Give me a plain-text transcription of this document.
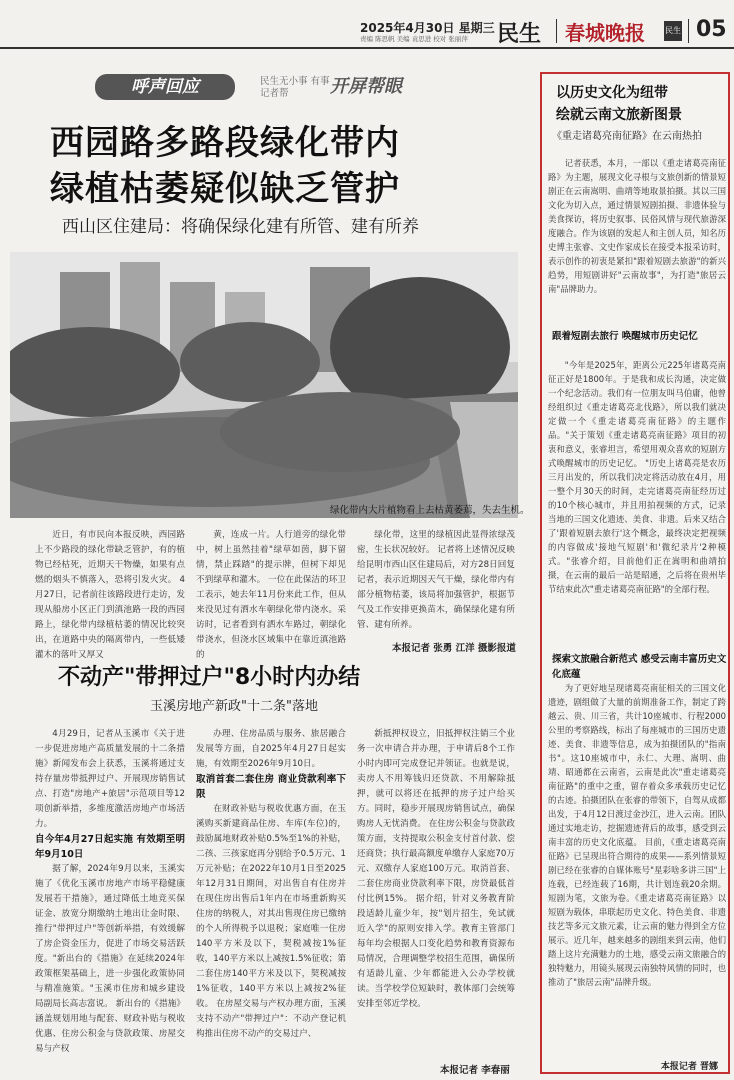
2025年4月30日 星期三
责编 陈思帆 美编 袁思进 校对 张丽萍 民生 春城晚报	民生 05
呼声回应	民生无小事 有事记者帮	开屏帮眼
西园路多路段绿化带内
绿植枯萎疑似缺乏管护
西山区住建局：将确保绿化建有所管、建有所养
绿化带内大片植物看上去枯黄萎蔫，失去生机。

近日，有市民向本报反映，西园路上不少路段的绿化带缺乏管护，有的植物已经枯死，近期天干物燥，如果有点燃的烟头不慎落入，恐将引发火灾。 4月27日，记者前往该路段进行走访，发现从船房小区正门到滇池路一段的西园路上，绿化带内绿植枯萎的情况比较突出，在道路中央的隔离带内，一些低矮灌木的落叶又厚又

黄，连成一片。人行道旁的绿化带中，树上虽然挂着"绿草如茵，脚下留情，禁止踩踏"的提示牌，但树下却见不到绿草和灌木。 一位在此保洁的环卫工表示，她去年11月份来此工作，但从来没见过有洒水车朝绿化带内浇水。采访时，记者看到有洒水车路过，朝绿化带浇水，但浇水区域集中在靠近滇池路的

绿化带，这里的绿植因此显得浓绿茂密，生长状况较好。 记者将上述情况反映给昆明市西山区住建局后，对方28日回复记者，表示近期因天气干燥，绿化带内有部分植物枯萎，该局将加强管护，根据节气及工作安排更换苗木，确保绿化建有所管、建有所养。

本报记者 张勇 江洋 摄影报道
不动产"带押过户"8小时内办结
玉溪房地产新政"十二条"落地

4月29日，记者从玉溪市《关于进一步促进房地产高质量发展的十二条措施》新闻发布会上获悉，玉溪将通过支持存量房带抵押过户、开展现房销售试点、打造"房地产+旅居"示范项目等12项创新举措，多维度激活房地产市场活力。

自今年4月27日起实施 有效期至明年9月10日

据了解，2024年9月以来，玉溪实施了《优化玉溪市房地产市场平稳健康发展若干措施》，通过降低土地竞买保证金、放宽分期缴纳土地出让金时限、推行"带押过户"等创新举措，有效缓解了房企资金压力，促进了市场交易活跃度。"新出台的《措施》在延续2024年政策框架基础上，进一步强化政策协同与精准施策。"玉溪市住房和城乡建设局副局长高志富说。 新出台的《措施》涵盖规划用地与配套、财政补贴与税收优惠、住房公积金与贷款政策、房屋交易与产权

办理、住房品质与服务、旅居融合发展等方面，自2025年4月27日起实施，有效期至2026年9月10日。

取消首套二套住房 商业贷款利率下限

在财政补贴与税收优惠方面，在玉溪购买新建商品住房、车库(车位)的，鼓励属地财政补贴0.5%至1%的补贴，二孩、三孩家庭再分别给予0.5万元、1万元补贴；在2022年10月1日至2025年12月31日期间，对出售自有住房并在现住房出售后1年内在市场重新购买住房的纳税人，对其出售现住房已缴纳的个人所得税予以退税；家庭唯一住房140平方米及以下，契税减按1%征收，140平方米以上减按1.5%征收；第二套住房140平方米及以下，契税减按1%征收，140平方米以上减按2%征收。 在房屋交易与产权办理方面，玉溪支持不动产"带押过户"：不动产登记机构推出住房不动产的交易过户、

新抵押权设立，旧抵押权注销三个业务一次申请合并办理，于申请后8个工作小时内即可完成登记并领证。也就是说，卖房人不用筹钱归还贷款、不用解除抵押，就可以将还在抵押的房子过户给买方。同时，稳步开展现房销售试点，确保购房人无忧消费。 在住房公积金与贷款政策方面，支持提取公积金支付首付款、偿还商贷；执行最高额度单缴存人家庭70万元、双缴存人家庭100万元。取消首套、二套住房商业贷款利率下限，房贷最低首付比例15%。 据介绍，针对义务教育阶段适龄儿童少年，按"划片招生，免试就近入学"的原则安排入学。教育主管部门每年均会根据人口变化趋势和教育资源布局情况，合理调整学校招生范围，确保所有适龄儿童、少年都能进入公办学校就读。当学校学位短缺时，教体部门会统筹安排至邻近学校。

本报记者 李春丽
以历史文化为纽带
绘就云南文旅新图景
《重走诸葛亮南征路》在云南热拍

记者获悉，本月，一部以《重走诸葛亮南征路》为主题，展现文化寻根与文旅创新的情景短剧正在云南嵩明、曲靖等地取景拍摄。其以三国文化为切入点，通过情景短剧拍摄、非遗体验与美食探访，将历史叙事、民俗风情与现代旅游深度融合。作为该剧的发起人和主创人员，知名历史博主张睿、文史作家成长在接受本报采访时，表示创作的初衷是紧扣"跟着短剧去旅游"的新兴趋势，用短剧讲好"云南故事"，为打造"旅居云南"品牌助力。

跟着短剧去旅行 唤醒城市历史记忆

"今年是2025年，距离公元225年诸葛亮南征正好是1800年。于是我和成长沟通，决定做一个纪念活动。我们有一位朋友叫马伯庸，他曾经组织过《重走诸葛亮北伐路》，所以我们就决定做一个《重走诸葛亮南征路》的主题作品。"关于策划《重走诸葛亮南征路》项目的初衷和意义，张睿坦言，希望用观众喜欢的短剧方式唤醒城市的历史记忆。 "历史上诸葛亮是农历三月出发的，所以我们决定将活动放在4月，用一整个月30天的时间，走完诸葛亮南征经历过的10个核心城市，并且用拍视频的方式，记录当地的三国文化遗迹、美食、非遗。后来又结合了'跟着短剧去旅行'这个概念，最终决定把视频的内容做成'接地气短剧'和'微纪录片'2种模式。"张睿介绍，目前他们正在嵩明和曲靖拍摄，在云南的最后一站是昭通，之后将在贵州毕节结束此次"重走诸葛亮南征路"的全部行程。

探索文旅融合新范式 感受云南丰富历史文化底蕴

为了更好地呈现诸葛亮南征相关的三国文化遗迹，剧组做了大量的前期准备工作，制定了跨越云、贵、川三省，共计10座城市、行程2000公里的考察路线，标出了每座城市的三国历史遗迹、美食、非遗等信息，成为拍摄团队的"指南书"。这10座城市中，永仁、大理、嵩明、曲靖、昭通都在云南省，云南是此次"重走诸葛亮南征路"的重中之重，留存着众多承载历史记忆的古迹。拍摄团队在张睿的带领下，自驾从成都出发，于4月12日渡过金沙江，进入云南。团队通过实地走访，挖掘遗迹背后的故事，感受到云南丰富的历史文化底蕴。 目前，《重走诸葛亮南征路》已呈现出符合期待的成果——系列情景短剧已经在张睿的自媒体账号"星彩啥多讲三国"上连载，已经连载了16期，共计划连载20余期。 短剧为笔，文旅为卷。《重走诸葛亮南征路》以短剧为载体，串联起历史文化、特色美食、非遗技艺等多元文旅元素，让云南的魅力得到全方位展示。近几年，越来越多的剧组来到云南，他们踏上这片充满魅力的土地，感受云南文旅融合的独特魅力，用镜头展现云南独特风情的同时，也推动了"旅居云南"品牌升级。

本报记者 晋娜
